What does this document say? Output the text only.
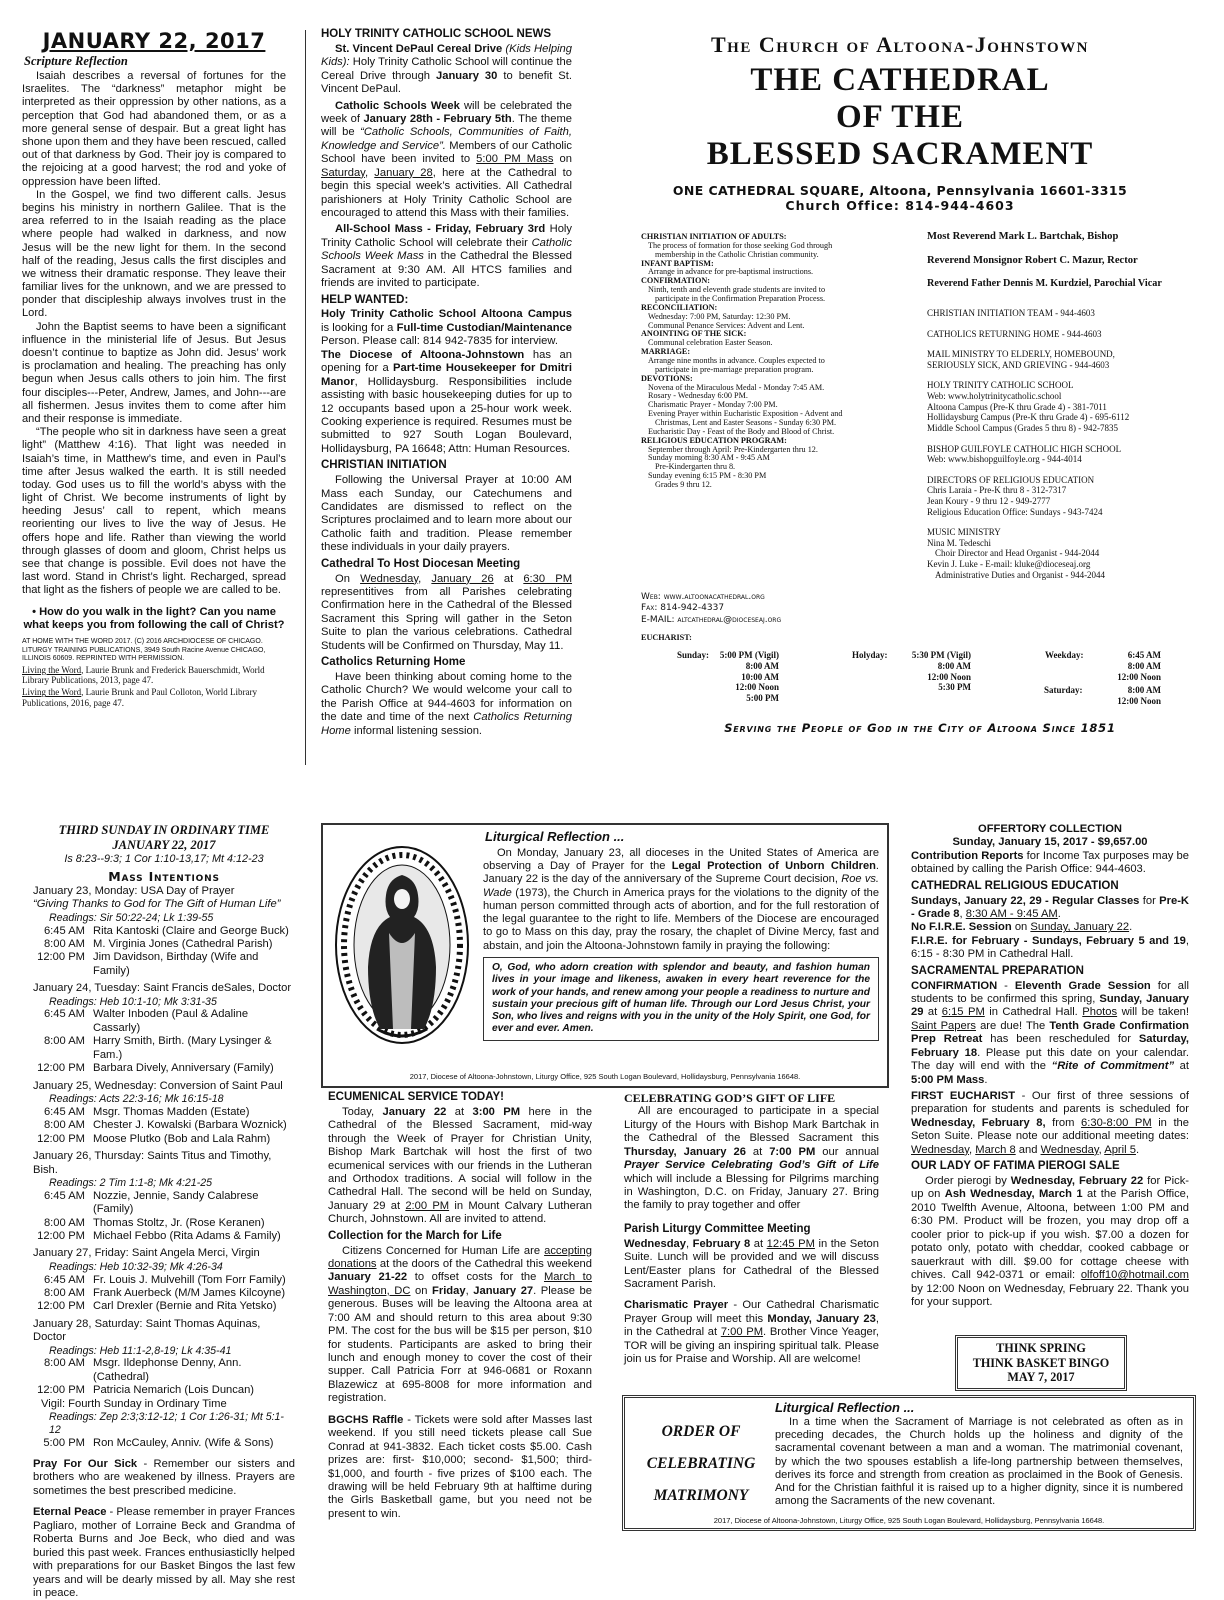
JANUARY 22, 2017
Scripture Reflection

Isaiah describes a reversal of fortunes for the Israelites. The “darkness” metaphor might be interpreted as their oppression by other nations, as a perception that God had abandoned them, or as a more general sense of despair. But a great light has shone upon them and they have been rescued, called out of that darkness by God. Their joy is compared to the rejoicing at a good harvest; the rod and yoke of oppression have been lifted.

In the Gospel, we find two different calls. Jesus begins his ministry in northern Galilee. That is the area referred to in the Isaiah reading as the place where people had walked in darkness, and now Jesus will be the new light for them. In the second half of the reading, Jesus calls the first disciples and we witness their dramatic response. They leave their familiar lives for the unknown, and we are pressed to ponder that discipleship always involves trust in the Lord.

John the Baptist seems to have been a significant influence in the ministerial life of Jesus. But Jesus doesn’t continue to baptize as John did. Jesus’ work is proclamation and healing. The preaching has only begun when Jesus calls others to join him. The first four disciples---Peter, Andrew, James, and John---are all fishermen. Jesus invites them to come after him and their response is immediate.

“The people who sit in darkness have seen a great light” (Matthew 4:16). That light was needed in Isaiah’s time, in Matthew’s time, and even in Paul’s time after Jesus walked the earth. It is still needed today. God uses us to fill the world’s abyss with the light of Christ. We become instruments of light by heeding Jesus’ call to repent, which means reorienting our lives to live the way of Jesus. He offers hope and life. Rather than viewing the world through glasses of doom and gloom, Christ helps us see that change is possible. Evil does not have the last word. Stand in Christ’s light. Recharged, spread that light as the fishers of people we are called to be.

• How do you walk in the light? Can you name what keeps you from following the call of Christ?

AT HOME WITH THE WORD 2017. (C) 2016 ARCHDIOCESE OF CHICAGO. LITURGY TRAINING PUBLICATIONS, 3949 South Racine Avenue CHICAGO, ILLINOIS 60609. REPRINTED WITH PERMISSION.

Living the Word, Laurie Brunk and Frederick Bauerschmidt, World Library Publications, 2013, page 47.

Living the Word, Laurie Brunk and Paul Colloton, World Library Publications, 2016, page 47.

HOLY TRINITY CATHOLIC SCHOOL NEWS

St. Vincent DePaul Cereal Drive (Kids Helping Kids): Holy Trinity Catholic School will continue the Cereal Drive through January 30 to benefit St. Vincent DePaul.

Catholic Schools Week will be celebrated the week of January 28th - February 5th. The theme will be “Catholic Schools, Communities of Faith, Knowledge and Service”. Members of our Catholic School have been invited to 5:00 PM Mass on Saturday, January 28, here at the Cathedral to begin this special week’s activities. All Cathedral parishioners at Holy Trinity Catholic School are encouraged to attend this Mass with their families.

All-School Mass - Friday, February 3rd Holy Trinity Catholic School will celebrate their Catholic Schools Week Mass in the Cathedral the Blessed Sacrament at 9:30 AM. All HTCS families and friends are invited to participate.

HELP WANTED:

Holy Trinity Catholic School Altoona Campus is looking for a Full-time Custodian/Maintenance Person. Please call: 814 942-7835 for interview.

The Diocese of Altoona-Johnstown has an opening for a Part-time Housekeeper for Dmitri Manor, Hollidaysburg. Responsibilities include assisting with basic housekeeping duties for up to 12 occupants based upon a 25-hour work week. Cooking experience is required. Resumes must be submitted to 927 South Logan Boulevard, Hollidaysburg, PA 16648; Attn: Human Resources.

CHRISTIAN INITIATION

Following the Universal Prayer at 10:00 AM Mass each Sunday, our Catechumens and Candidates are dismissed to reflect on the Scriptures proclaimed and to learn more about our Catholic faith and tradition. Please remember these individuals in your daily prayers.

Cathedral To Host Diocesan Meeting

On Wednesday, January 26 at 6:30 PM representitives from all Parishes celebrating Confirmation here in the Cathedral of the Blessed Sacrament this Spring will gather in the Seton Suite to plan the various celebrations. Cathedral Students will be Confirmed on Thursday, May 11.

Catholics Returning Home

Have been thinking about coming home to the Catholic Church? We would welcome your call to the Parish Office at 944-4603 for information on the date and time of the next Catholics Returning Home informal listening session.

The Church of Altoona-Johnstown
THE CATHEDRAL
OF THE
BLESSED SACRAMENT
ONE CATHEDRAL SQUARE, Altoona, Pennsylvania 16601-3315
Church Office: 814-944-4603
CHRISTIAN INITIATION OF ADULTS:
The process of formation for those seeking God through
membership in the Catholic Christian community.
INFANT BAPTISM:
Arrange in advance for pre-baptismal instructions.
CONFIRMATION:
Ninth, tenth and eleventh grade students are invited to
participate in the Confirmation Preparation Process.
RECONCILIATION:
Wednesday: 7:00 PM, Saturday: 12:30 PM.
Communal Penance Services: Advent and Lent.
ANOINTING OF THE SICK:
Communal celebration Easter Season.
MARRIAGE:
Arrange nine months in advance. Couples expected to
participate in pre-marriage preparation program.
DEVOTIONS:
Novena of the Miraculous Medal - Monday 7:45 AM.
Rosary - Wednesday 6:00 PM.
Charismatic Prayer - Monday 7:00 PM.
Evening Prayer within Eucharistic Exposition - Advent and
Christmas, Lent and Easter Seasons - Sunday 6:30 PM.
Eucharistic Day - Feast of the Body and Blood of Christ.
RELIGIOUS EDUCATION PROGRAM:
September through April: Pre-Kindergarten thru 12.
Sunday morning 8:30 AM - 9:45 AM
Pre-Kindergarten thru 8.
Sunday evening 6:15 PM - 8:30 PM
Grades 9 thru 12.
Web: www.altoonacathedral.org
Fax: 814-942-4337
E-MAIL: altcathedral@dioceseaj.org
Most Reverend Mark L. Bartchak, Bishop
Reverend Monsignor Robert C. Mazur, Rector
Reverend Father Dennis M. Kurdziel, Parochial Vicar
CHRISTIAN INITIATION TEAM - 944-4603
CATHOLICS RETURNING HOME - 944-4603
MAIL MINISTRY TO ELDERLY, HOMEBOUND,
SERIOUSLY SICK, AND GRIEVING - 944-4603
HOLY TRINITY CATHOLIC SCHOOL
Web: www.holytrinitycatholic.school
Altoona Campus (Pre-K thru Grade 4) - 381-7011
Hollidaysburg Campus (Pre-K thru Grade 4) - 695-6112
Middle School Campus (Grades 5 thru 8) - 942-7835
BISHOP GUILFOYLE CATHOLIC HIGH SCHOOL
Web: www.bishopguilfoyle.org - 944-4014
DIRECTORS OF RELIGIOUS EDUCATION
Chris Laraia - Pre-K thru 8 - 312-7317
Jean Koury - 9 thru 12 - 949-2777
Religious Education Office: Sundays - 943-7424
MUSIC MINISTRY
Nina M. Tedeschi
Choir Director and Head Organist - 944-2044
Kevin J. Luke - E-mail: kluke@dioceseaj.org
Administrative Duties and Organist - 944-2044
EUCHARIST:
Sunday:	5:00 PM (Vigil)
8:00 AM
10:00 AM
12:00 Noon
5:00 PM
Holyday:	5:30 PM (Vigil)
8:00 AM
12:00 Noon
5:30 PM
Weekday:	6:45 AM
8:00 AM
12:00 Noon
Saturday:	8:00 AM
12:00 Noon
Serving the People of God in the City of Altoona Since 1851
THIRD SUNDAY IN ORDINARY TIME
JANUARY 22, 2017
Is 8:23--9:3; 1 Cor 1:10-13,17; Mt 4:12-23
Mass Intentions
January 23, Monday: USA Day of Prayer
“Giving Thanks to God for The Gift of Human Life”
Readings: Sir 50:22-24; Lk 1:39-55
6:45 AM Rita Kantoski (Claire and George Buck)
8:00 AM M. Virginia Jones (Cathedral Parish)
12:00 PM Jim Davidson, Birthday (Wife and Family)
January 24, Tuesday: Saint Francis deSales, Doctor
Readings: Heb 10:1-10; Mk 3:31-35
6:45 AM Walter Inboden (Paul & Adaline Cassarly)
8:00 AM Harry Smith, Birth. (Mary Lysinger & Fam.)
12:00 PM Barbara Dively, Anniversary (Family)
January 25, Wednesday: Conversion of Saint Paul
Readings: Acts 22:3-16; Mk 16:15-18
6:45 AM Msgr. Thomas Madden (Estate)
8:00 AM Chester J. Kowalski (Barbara Woznick)
12:00 PM Moose Plutko (Bob and Lala Rahm)
January 26, Thursday: Saints Titus and Timothy, Bish.
Readings: 2 Tim 1:1-8; Mk 4:21-25
6:45 AM Nozzie, Jennie, Sandy Calabrese (Family)
8:00 AM Thomas Stoltz, Jr. (Rose Keranen)
12:00 PM Michael Febbo (Rita Adams & Family)
January 27, Friday: Saint Angela Merci, Virgin
Readings: Heb 10:32-39; Mk 4:26-34
6:45 AM Fr. Louis J. Mulvehill (Tom Forr Family)
8:00 AM Frank Auerbeck (M/M James Kilcoyne)
12:00 PM Carl Drexler (Bernie and Rita Yetsko)
January 28, Saturday: Saint Thomas Aquinas, Doctor
Readings: Heb 11:1-2,8-19; Lk 4:35-41
8:00 AM Msgr. Ildephonse Denny, Ann. (Cathedral)
12:00 PM Patricia Nemarich (Lois Duncan)
Vigil: Fourth Sunday in Ordinary Time
Readings: Zep 2:3;3:12-12; 1 Cor 1:26-31; Mt 5:1-12
5:00 PM Ron McCauley, Anniv. (Wife & Sons)

Pray For Our Sick - Remember our sisters and brothers who are weakened by illness. Prayers are sometimes the best prescribed medicine.

Eternal Peace - Please remember in prayer Frances Pagliaro, mother of Lorraine Beck and Grandma of Roberta Burns and Joe Beck, who died and was buried this past week. Frances enthusiasticlly helped with preparations for our Basket Bingos the last few years and will be dearly missed by all. May she rest in peace.

Liturgical Reflection ...

On Monday, January 23, all dioceses in the United States of America are observing a Day of Prayer for the Legal Protection of Unborn Children. January 22 is the day of the anniversary of the Supreme Court decision, Roe vs. Wade (1973), the Church in America prays for the violations to the dignity of the human person committed through acts of abortion, and for the full restoration of the legal guarantee to the right to life. Members of the Diocese are encouraged to go to Mass on this day, pray the rosary, the chaplet of Divine Mercy, fast and abstain, and join the Altoona-Johnstown family in praying the following:

O, God, who adorn creation with splendor and beauty, and fashion human lives in your image and likeness, awaken in every heart reverence for the work of your hands, and renew among your people a readiness to nurture and sustain your precious gift of human life. Through our Lord Jesus Christ, your Son, who lives and reigns with you in the unity of the Holy Spirit, one God, for ever and ever. Amen.

2017, Diocese of Altoona-Johnstown, Liturgy Office, 925 South Logan Boulevard, Hollidaysburg, Pennsylvania 16648.
ECUMENICAL SERVICE TODAY!

Today, January 22 at 3:00 PM here in the Cathedral of the Blessed Sacrament, mid-way through the Week of Prayer for Christian Unity, Bishop Mark Bartchak will host the first of two ecumenical services with our friends in the Lutheran and Orthodox traditions. A social will follow in the Cathedral Hall. The second will be held on Sunday, January 29 at 2:00 PM in Mount Calvary Lutheran Church, Johnstown. All are invited to attend.

Collection for the March for Life

Citizens Concerned for Human Life are accepting donations at the doors of the Cathedral this weekend January 21-22 to offset costs for the March to Washington, DC on Friday, January 27. Please be generous. Buses will be leaving the Altoona area at 7:00 AM and should return to this area about 9:30 PM. The cost for the bus will be $15 per person, $10 for students. Participants are asked to bring their lunch and enough money to cover the cost of their supper. Call Patricia Forr at 946-0681 or Roxann Blazewicz at 695-8008 for more information and registration.

BGCHS Raffle - Tickets were sold after Masses last weekend. If you still need tickets please call Sue Conrad at 941-3832. Each ticket costs $5.00. Cash prizes are: first- $10,000; second- $1,500; third- $1,000, and fourth - five prizes of $100 each. The drawing will be held February 9th at halftime during the Girls Basketball game, but you need not be present to win.

CELEBRATING GOD’S GIFT OF LIFE

All are encouraged to participate in a special Liturgy of the Hours with Bishop Mark Bartchak in the Cathedral of the Blessed Sacrament this Thursday, January 26 at 7:00 PM our annual Prayer Service Celebrating God’s Gift of Life which will include a Blessing for Pilgrims marching in Washington, D.C. on Friday, January 27. Bring the family to pray together and offer

Parish Liturgy Committee Meeting

Wednesday, February 8 at 12:45 PM in the Seton Suite. Lunch will be provided and we will discuss Lent/Easter plans for Cathedral of the Blessed Sacrament Parish.

Charismatic Prayer - Our Cathedral Charismatic Prayer Group will meet this Monday, January 23, in the Cathedral at 7:00 PM. Brother Vince Yeager, TOR will be giving an inspiring spiritual talk. Please join us for Praise and Worship. All are welcome!

OFFERTORY COLLECTION
Sunday, January 15, 2017 - $9,657.00

Contribution Reports for Income Tax purposes may be obtained by calling the Parish Office: 944-4603.

CATHEDRAL RELIGIOUS EDUCATION

Sundays, January 22, 29 - Regular Classes for Pre-K - Grade 8, 8:30 AM - 9:45 AM.

No F.I.R.E. Session on Sunday, January 22.

F.I.R.E. for February - Sundays, February 5 and 19, 6:15 - 8:30 PM in Cathedral Hall.

SACRAMENTAL PREPARATION

CONFIRMATION - Eleventh Grade Session for all students to be confirmed this spring, Sunday, January 29 at 6:15 PM in Cathedral Hall. Photos will be taken! Saint Papers are due! The Tenth Grade Confirmation Prep Retreat has been rescheduled for Saturday, February 18. Please put this date on your calendar. The day will end with the “Rite of Commitment” at 5:00 PM Mass.

FIRST EUCHARIST - Our first of three sessions of preparation for students and parents is scheduled for Wednesday, February 8, from 6:30-8:00 PM in the Seton Suite. Please note our additional meeting dates: Wednesday, March 8 and Wednesday, April 5.

OUR LADY OF FATIMA PIEROGI SALE

Order pierogi by Wednesday, February 22 for Pick-up on Ash Wednesday, March 1 at the Parish Office, 2010 Twelfth Avenue, Altoona, between 1:00 PM and 6:30 PM. Product will be frozen, you may drop off a cooler prior to pick-up if you wish. $7.00 a dozen for potato only, potato with cheddar, cooked cabbage or sauerkraut with dill. $9.00 for cottage cheese with chives. Call 942-0371 or email: olfoff10@hotmail.com by 12:00 Noon on Wednesday, February 22. Thank you for your support.

THINK SPRING
THINK BASKET BINGO
MAY 7, 2017
ORDER OF
CELEBRATING
MATRIMONY
Liturgical Reflection ...

In a time when the Sacrament of Marriage is not celebrated as often as in preceding decades, the Church holds up the holiness and dignity of the sacramental covenant between a man and a woman. The matrimonial covenant, by which the two spouses establish a life-long partnership between themselves, derives its force and strength from creation as proclaimed in the Book of Genesis. And for the Christian faithful it is raised up to a higher dignity, since it is numbered among the Sacraments of the new covenant.

2017, Diocese of Altoona-Johnstown, Liturgy Office, 925 South Logan Boulevard, Hollidaysburg, Pennsylvania 16648.
